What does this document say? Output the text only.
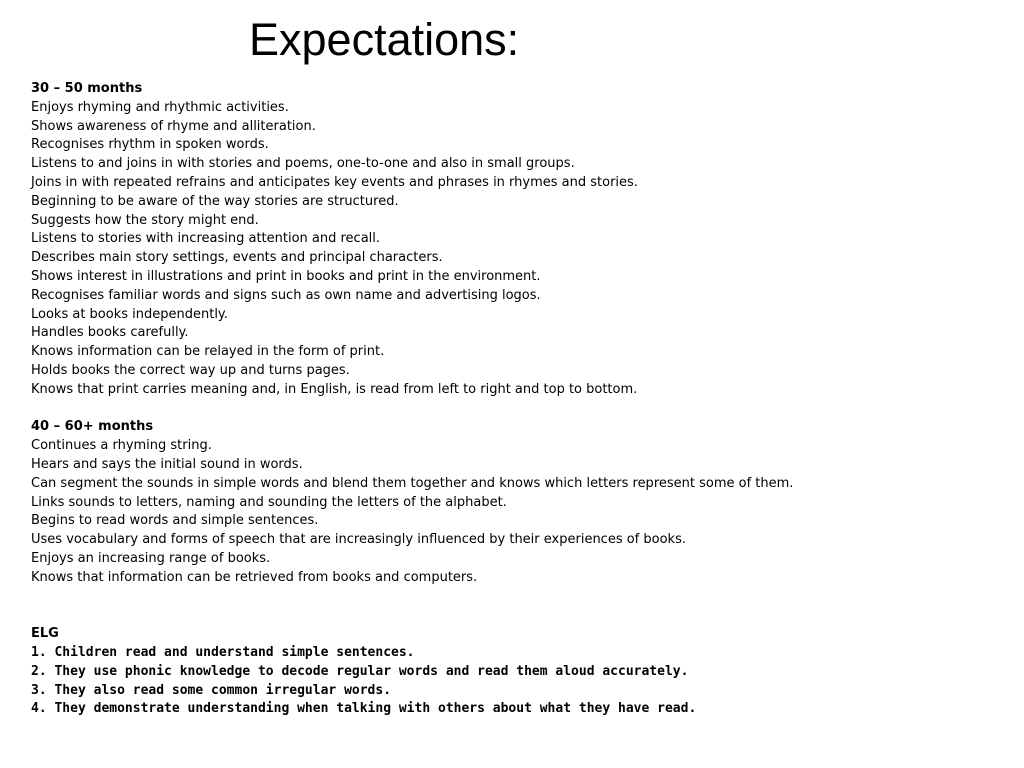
Expectations:
30 – 50 months
Enjoys rhyming and rhythmic activities.
Shows awareness of rhyme and alliteration.
Recognises rhythm in spoken words.
Listens to and joins in with stories and poems, one-to-one and also in small groups.
Joins in with repeated refrains and anticipates key events and phrases in rhymes and stories.
Beginning to be aware of the way stories are structured.
Suggests how the story might end.
Listens to stories with increasing attention and recall.
Describes main story settings, events and principal characters.
Shows interest in illustrations and print in books and print in the environment.
Recognises familiar words and signs such as own name and advertising logos.
Looks at books independently.
Handles books carefully.
Knows information can be relayed in the form of print.
Holds books the correct way up and turns pages.
Knows that print carries meaning and, in English, is read from left to right and top to bottom.
40 – 60+ months
Continues a rhyming string.
Hears and says the initial sound in words.
Can segment the sounds in simple words and blend them together and knows which letters represent some of them.
Links sounds to letters, naming and sounding the letters of the alphabet.
Begins to read words and simple sentences.
Uses vocabulary and forms of speech that are increasingly influenced by their experiences of books.
Enjoys an increasing range of books.
Knows that information can be retrieved from books and computers.
ELG
1. Children read and understand simple sentences.
2. They use phonic knowledge to decode regular words and read them aloud accurately.
3. They also read some common irregular words.
4. They demonstrate understanding when talking with others about what they have read.
